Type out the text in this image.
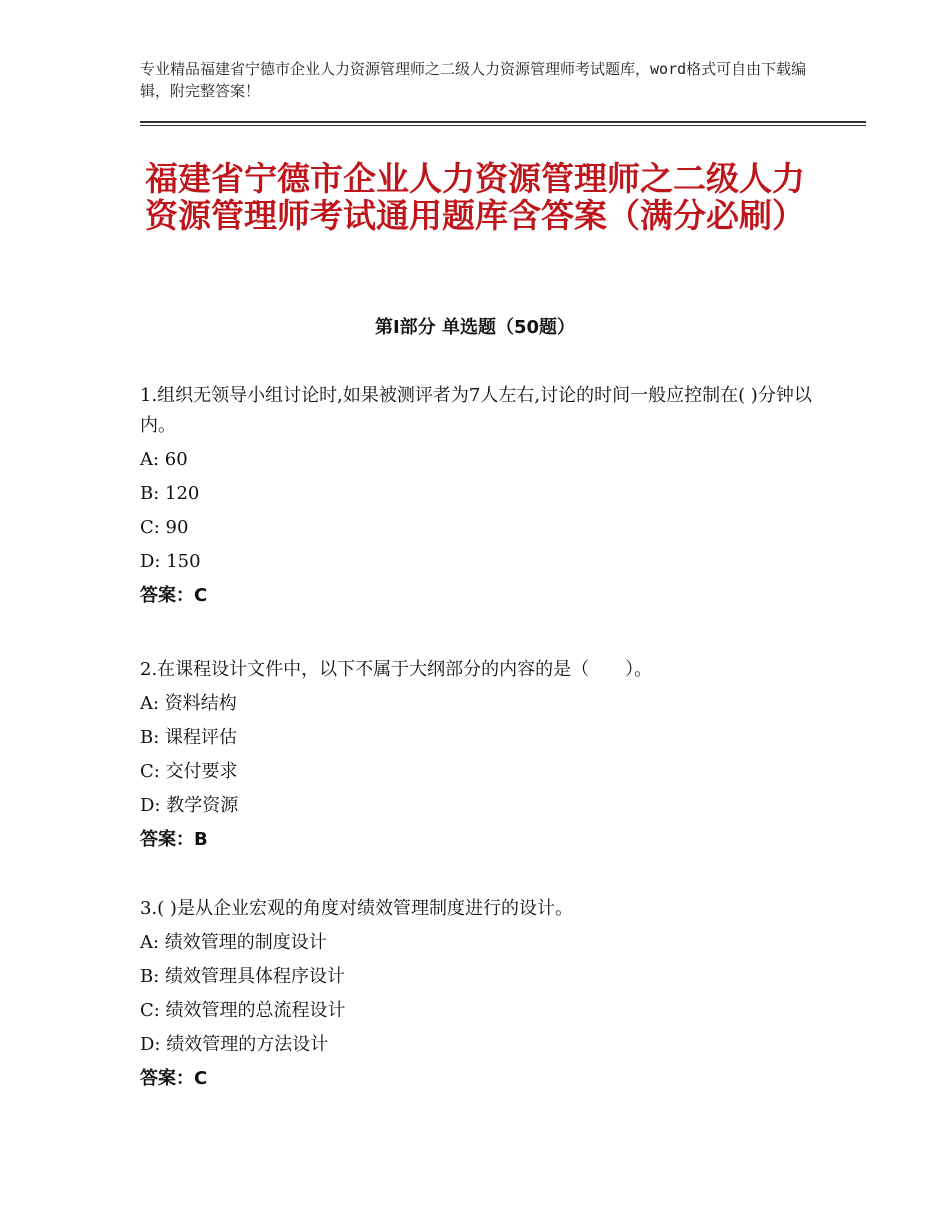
专业精品福建省宁德市企业人力资源管理师之二级人力资源管理师考试题库，word格式可自由下载编辑，附完整答案！
福建省宁德市企业人力资源管理师之二级人力资源管理师考试通用题库含答案（满分必刷）
第Ⅰ部分 单选题（50题）

1.组织无领导小组讨论时,如果被测评者为7人左右,讨论的时间一般应控制在( )分钟以内。

A: 60

B: 120

C: 90

D: 150

答案：C

2.在课程设计文件中，以下不属于大纲部分的内容的是（　　）。

A: 资料结构

B: 课程评估

C: 交付要求

D: 教学资源

答案：B

3.( )是从企业宏观的角度对绩效管理制度进行的设计。

A: 绩效管理的制度设计

B: 绩效管理具体程序设计

C: 绩效管理的总流程设计

D: 绩效管理的方法设计

答案：C
